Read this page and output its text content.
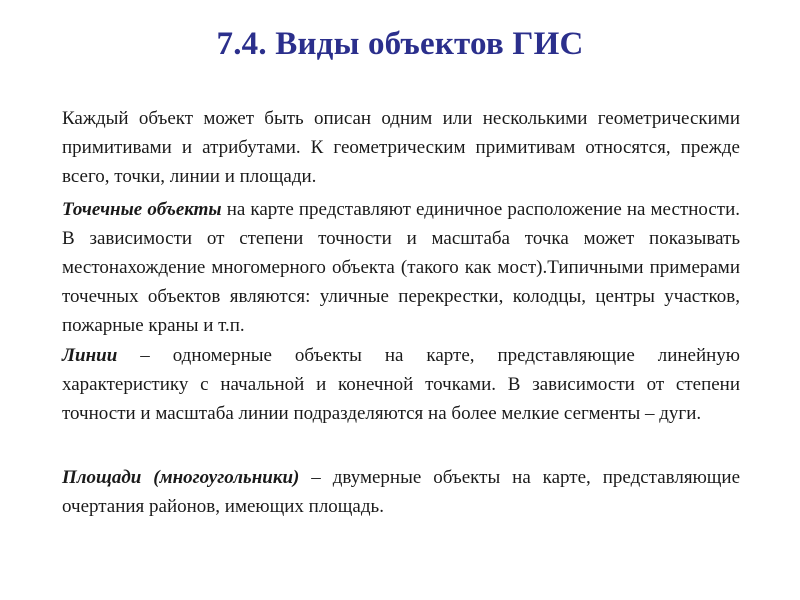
7.4. Виды объектов ГИС

Каждый объект может быть описан одним или несколькими геометрическими примитивами и атрибутами. К геометрическим примитивам относятся, прежде всего, точки, линии и площади.

Точечные объекты на карте представляют единичное расположение на местности. В зависимости от степени точности и масштаба точка может показывать местонахождение многомерного объекта (такого как мост).Типичными примерами точечных объектов являются: уличные перекрестки, колодцы, центры участков, пожарные краны и т.п.

Линии – одномерные объекты на карте, представляющие линейную характеристику с начальной и конечной точками. В зависимости от степени точности и масштаба линии подразделяются на более мелкие сегменты – дуги.

Площади (многоугольники) – двумерные объекты на карте, представляющие очертания районов, имеющих площадь.
